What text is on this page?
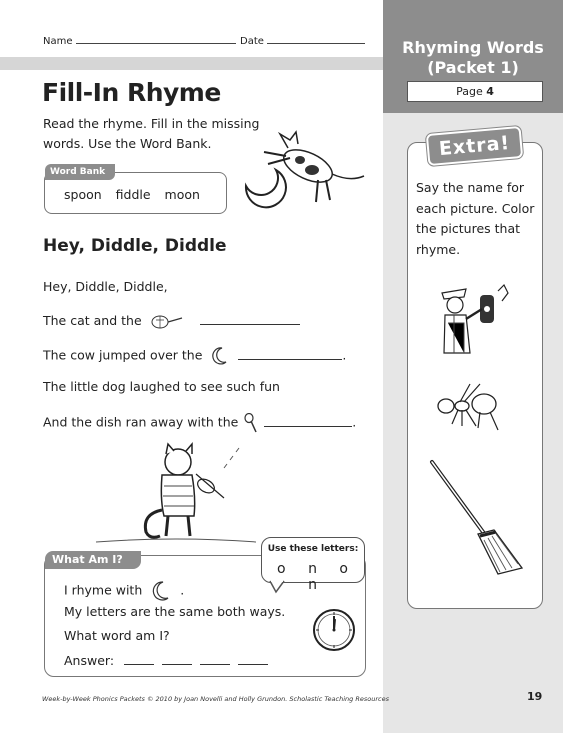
Name	Date	Rhyming Words
(Packet 1)
Page 4
Extra!
Say the name for each picture. Color the pictures that rhyme.
Fill-In Rhyme
Read the rhyme. Fill in the missing words. Use the Word Bank.
Word Bank
spoon fiddle moon
Hey, Diddle, Diddle
Hey, Diddle, Diddle,
The cat and the
The cow jumped over the	.
The little dog laughed to see such fun
And the dish ran away with the	.
What Am I?
Use these letters:
o n o n
I rhyme with	.
My letters are the same both ways.
What word am I?
Answer:
Week-by-Week Phonics Packets © 2010 by Joan Novelli and Holly Grundon. Scholastic Teaching Resources	19
